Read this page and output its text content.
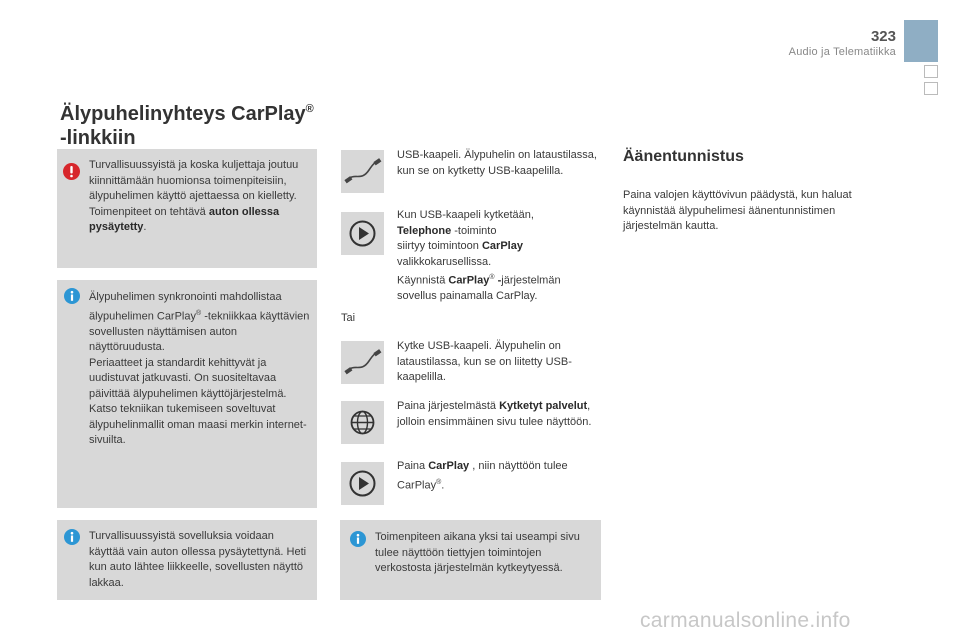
323
Audio ja Telematiikka
Älypuhelinyhteys CarPlay®
-linkkiin
Turvallisuussyistä ja koska kuljettaja joutuu kiinnittämään huomionsa toimenpiteisiin, älypuhelimen käyttö ajettaessa on kielletty.
Toimenpiteet on tehtävä auton ollessa pysäytetty.
Älypuhelimen synkronointi mahdollistaa älypuhelimen CarPlay® -tekniikkaa käyttävien sovellusten näyttämisen auton näyttöruudusta.
Periaatteet ja standardit kehittyvät ja uudistuvat jatkuvasti. On suositeltavaa päivittää älypuhelimen käyttöjärjestelmä.
Katso tekniikan tukemiseen soveltuvat älypuhelinmallit oman maasi merkin internet-sivuilta.
Turvallisuussyistä sovelluksia voidaan käyttää vain auton ollessa pysäytettynä. Heti kun auto lähtee liikkeelle, sovellusten näyttö lakkaa.
USB-kaapeli. Älypuhelin on lataustilassa, kun se on kytketty USB-kaapelilla.
Kun USB-kaapeli kytketään,
Telephone -toiminto
siirtyy toimintoon CarPlay
valikkokarusellissa.
Käynnistä CarPlay® -järjestelmän sovellus painamalla CarPlay.
Tai
Kytke USB-kaapeli. Älypuhelin on lataustilassa, kun se on liitetty USB-kaapelilla.
Paina järjestelmästä Kytketyt palvelut, jolloin ensimmäinen sivu tulee näyttöön.
Paina CarPlay , niin näyttöön tulee CarPlay®.
Toimenpiteen aikana yksi tai useampi sivu tulee näyttöön tiettyjen toimintojen verkostosta järjestelmän kytkeytyessä.
Äänentunnistus
Paina valojen käyttövivun päädystä, kun haluat käynnistää älypuhelimesi äänentunnistimen järjestelmän kautta.
carmanualsonline.info
